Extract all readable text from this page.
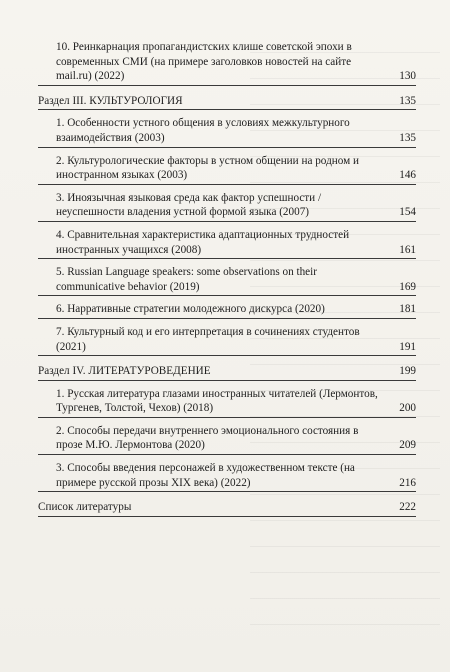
10. Реинкарнация пропагандистских клише советской эпохи в современных СМИ (на примере заголовков новостей на сайте mail.ru) (2022)	130
Раздел III. КУЛЬТУРОЛОГИЯ	135
1. Особенности устного общения в условиях межкультурного взаимодействия (2003)	135
2. Культурологические факторы в устном общении на родном и иностранном языках (2003)	146
3. Иноязычная языковая среда как фактор успешности / неуспешности владения устной формой языка (2007)	154
4. Сравнительная характеристика адаптационных трудностей иностранных учащихся (2008)	161
5. Russian Language speakers: some observations on their communicative behavior (2019)	169
6. Нарративные стратегии молодежного дискурса (2020)	181
7. Культурный код и его интерпретация в сочинениях студентов (2021)	191
Раздел IV. ЛИТЕРАТУРОВЕДЕНИЕ	199
1. Русская литература глазами иностранных читателей (Лермонтов, Тургенев, Толстой, Чехов) (2018)	200
2. Способы передачи внутреннего эмоционального состояния в прозе М.Ю. Лермонтова (2020)	209
3. Способы введения персонажей в художественном тексте (на примере русской прозы XIX века) (2022)	216
Список литературы	222
